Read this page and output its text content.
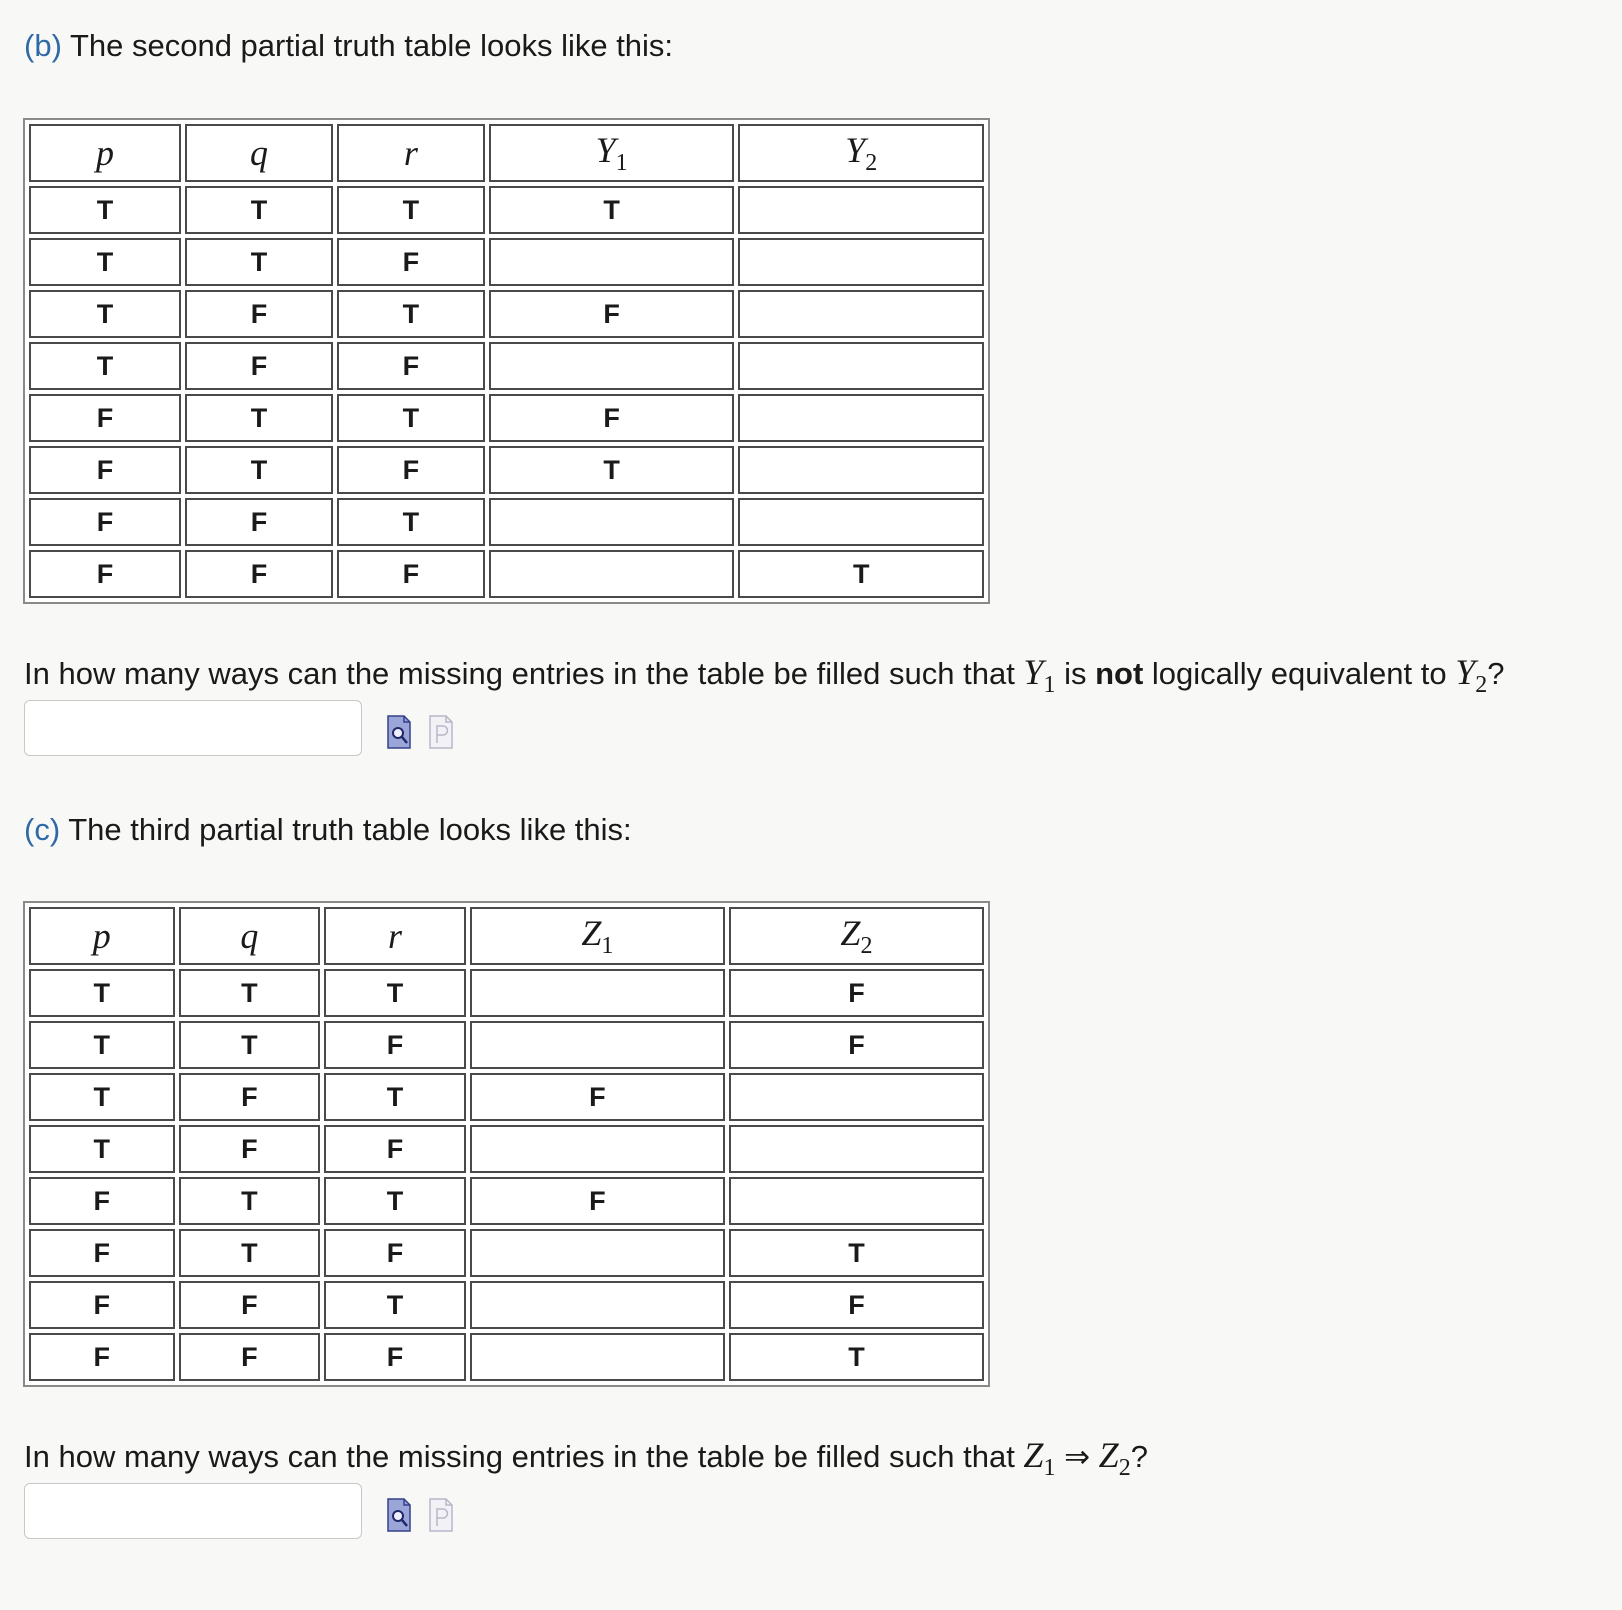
(b) The second partial truth table looks like this:
p	q	r	$Y_1$	$Y_2$
T	T	T	T	
T	T	F		
T	F	T	F	
T	F	F		
F	T	T	F	
F	T	F	T	
F	F	T		
F	F	F		T
In how many ways can the missing entries in the table be filled such that $Y_1$ is not logically equivalent to $Y_2$?
(c) The third partial truth table looks like this:
p	q	r	$Z_1$	$Z_2$
T	T	T		F
T	T	F		F
T	F	T	F	
T	F	F		
F	T	T	F	
F	T	F		T
F	F	T		F
F	F	F		T
In how many ways can the missing entries in the table be filled such that $Z_1$ ⇒ $Z_2$?
